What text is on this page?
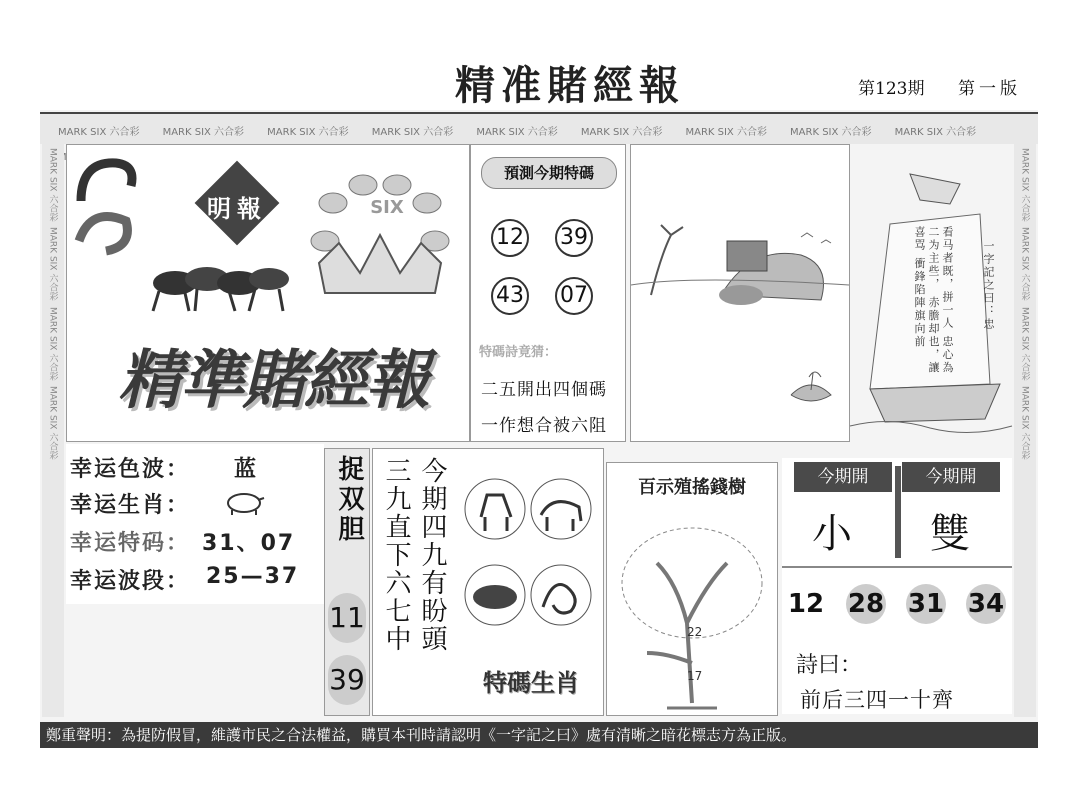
精准賭經報	第123期 第一版
MARK SIX 六合彩 MARK SIX 六合彩 MARK SIX 六合彩 MARK SIX 六合彩 MARK SIX 六合彩 MARK SIX 六合彩 MARK SIX 六合彩 MARK SIX 六合彩 MARK SIX 六合彩
MARK SIX 六合彩
MARK SIX 六合彩
MARK SIX 六合彩
MARK SIX 六合彩
MARK SIX 六合彩
MARK SIX 六合彩
MARK SIX 六合彩
MARK SIX 六合彩
明報	SIX
精準賭經報
預測今期特碼
12 39
43 07
特碼詩竟猜：
二五開出四個碼
一作想合被六阻
看马者既，拼一人 忠心為二为主些， 赤膽却也，讓喜骂 衝鋒陷陣旗向前	一字記之曰：忠
幸运色波： 蓝
幸运生肖：
幸运特码： 31、07
幸运波段： 25—37
捉双胆
11
39
今期四九有盼頭
三九直下六七中
特碼生肖
百示殖搖錢樹
22
17
今期開	今期開
小 雙
12 28 31 34
詩曰：
前后三四一十齊
鄭重聲明：為提防假冒，維護市民之合法權益，購買本刊時請認明《一字記之曰》處有清晰之暗花標志方為正版。
